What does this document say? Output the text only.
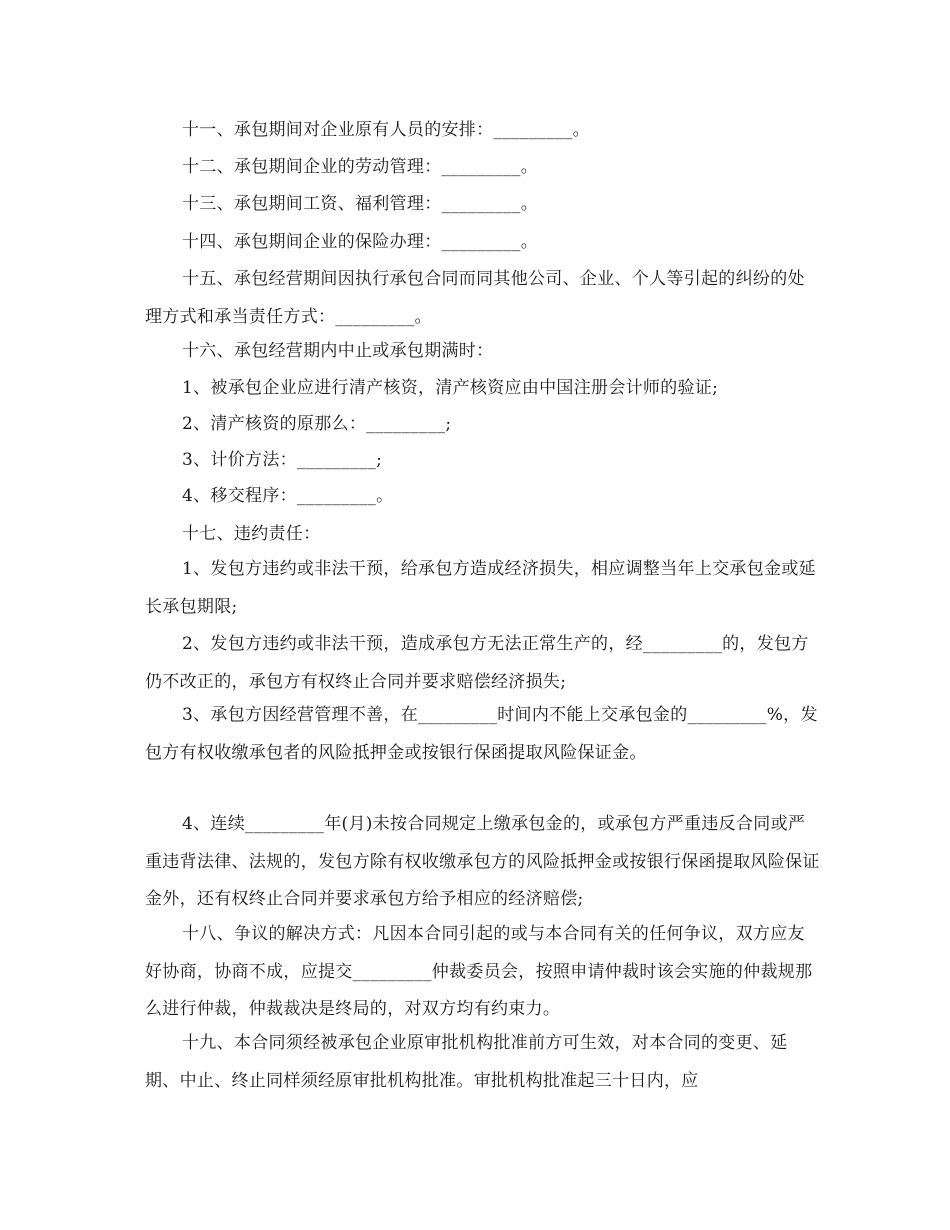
十一、承包期间对企业原有人员的安排：_________。

十二、承包期间企业的劳动管理：_________。

十三、承包期间工资、福利管理：_________。

十四、承包期间企业的保险办理：_________。

十五、承包经营期间因执行承包合同而同其他公司、企业、个人等引起的纠纷的处理方式和承当责任方式：_________。

十六、承包经营期内中止或承包期满时：

1、被承包企业应进行清产核资，清产核资应由中国注册会计师的验证;

2、清产核资的原那么：_________;

3、计价方法：_________;

4、移交程序：_________。

十七、违约责任：

1、发包方违约或非法干预，给承包方造成经济损失，相应调整当年上交承包金或延长承包期限;

2、发包方违约或非法干预，造成承包方无法正常生产的，经_________的，发包方仍不改正的，承包方有权终止合同并要求赔偿经济损失;

3、承包方因经营管理不善，在_________时间内不能上交承包金的_________%，发包方有权收缴承包者的风险抵押金或按银行保函提取风险保证金。

4、连续_________年(月)未按合同规定上缴承包金的，或承包方严重违反合同或严重违背法律、法规的，发包方除有权收缴承包方的风险抵押金或按银行保函提取风险保证金外，还有权终止合同并要求承包方给予相应的经济赔偿;

十八、争议的解决方式：凡因本合同引起的或与本合同有关的任何争议，双方应友好协商，协商不成，应提交_________仲裁委员会，按照申请仲裁时该会实施的仲裁规那么进行仲裁，仲裁裁决是终局的，对双方均有约束力。

十九、本合同须经被承包企业原审批机构批准前方可生效，对本合同的变更、延期、中止、终止同样须经原审批机构批准。审批机构批准起三十日内，应
